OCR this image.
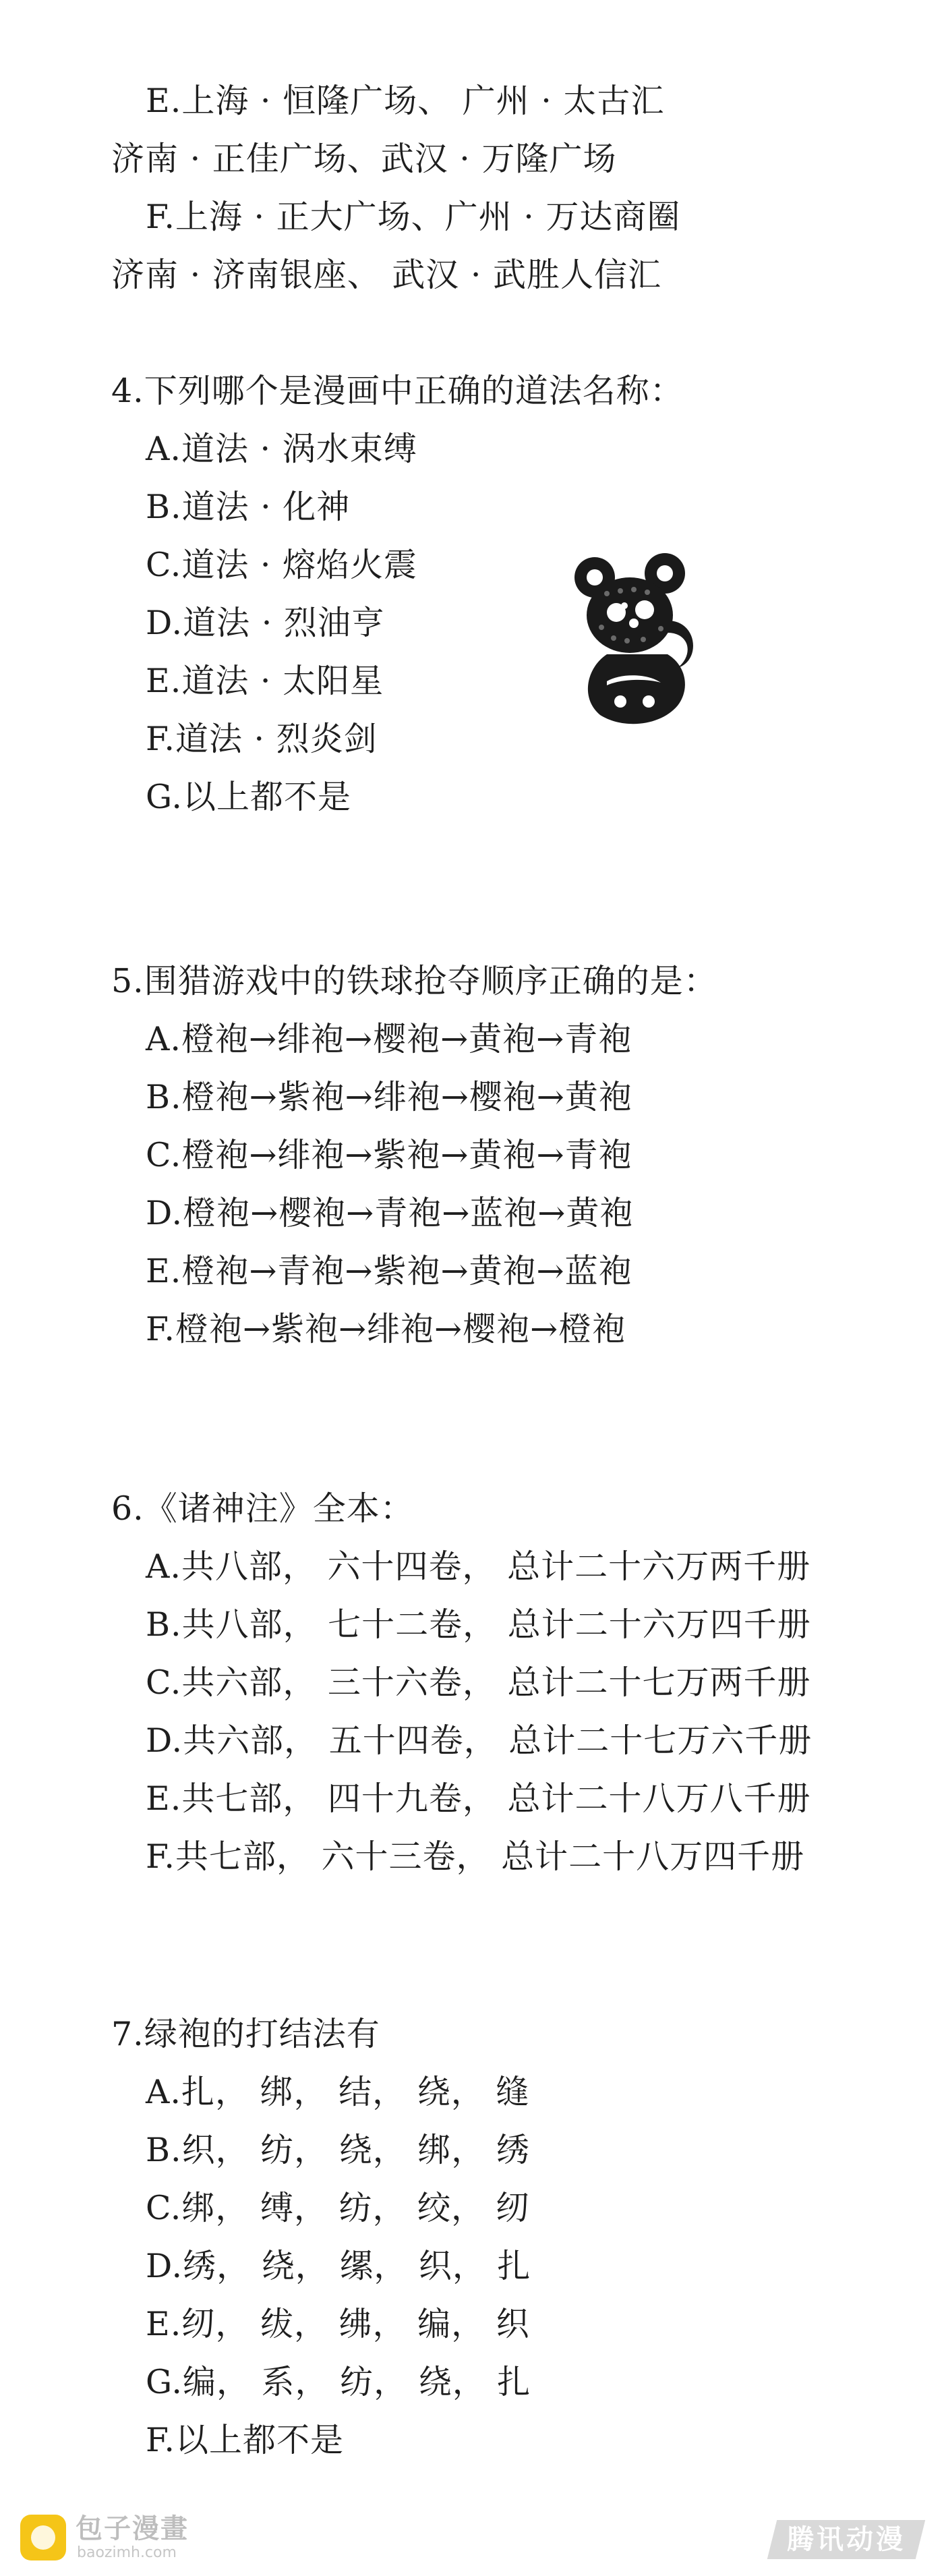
E.上海 · 恒隆广场、 广州 · 太古汇
济南 · 正佳广场、武汉 · 万隆广场
F.上海 · 正大广场、广州 · 万达商圈
济南 · 济南银座、 武汉 · 武胜人信汇
4.下列哪个是漫画中正确的道法名称：
A.道法 · 涡水束缚
B.道法 · 化神
C.道法 · 熔焰火震
D.道法 · 烈油亨
E.道法 · 太阳星
F.道法 · 烈炎剑
G.以上都不是
5.围猎游戏中的铁球抢夺顺序正确的是：
A.橙袍→绯袍→樱袍→黄袍→青袍
B.橙袍→紫袍→绯袍→樱袍→黄袍
C.橙袍→绯袍→紫袍→黄袍→青袍
D.橙袍→樱袍→青袍→蓝袍→黄袍
E.橙袍→青袍→紫袍→黄袍→蓝袍
F.橙袍→紫袍→绯袍→樱袍→橙袍
6.《诸神注》全本：
A.共八部， 六十四卷， 总计二十六万两千册
B.共八部， 七十二卷， 总计二十六万四千册
C.共六部， 三十六卷， 总计二十七万两千册
D.共六部， 五十四卷， 总计二十七万六千册
E.共七部， 四十九卷， 总计二十八万八千册
F.共七部， 六十三卷， 总计二十八万四千册
7.绿袍的打结法有
A.扎， 绑， 结， 绕， 缝
B.织， 纺， 绕， 绑， 绣
C.绑， 缚， 纺， 绞， 纫
D.绣， 绕， 缧， 织， 扎
E.纫， 绂， 绋， 编， 织
G.编， 系， 纺， 绕， 扎
F.以上都不是
包子漫畫
baozimh.com	腾讯动漫
